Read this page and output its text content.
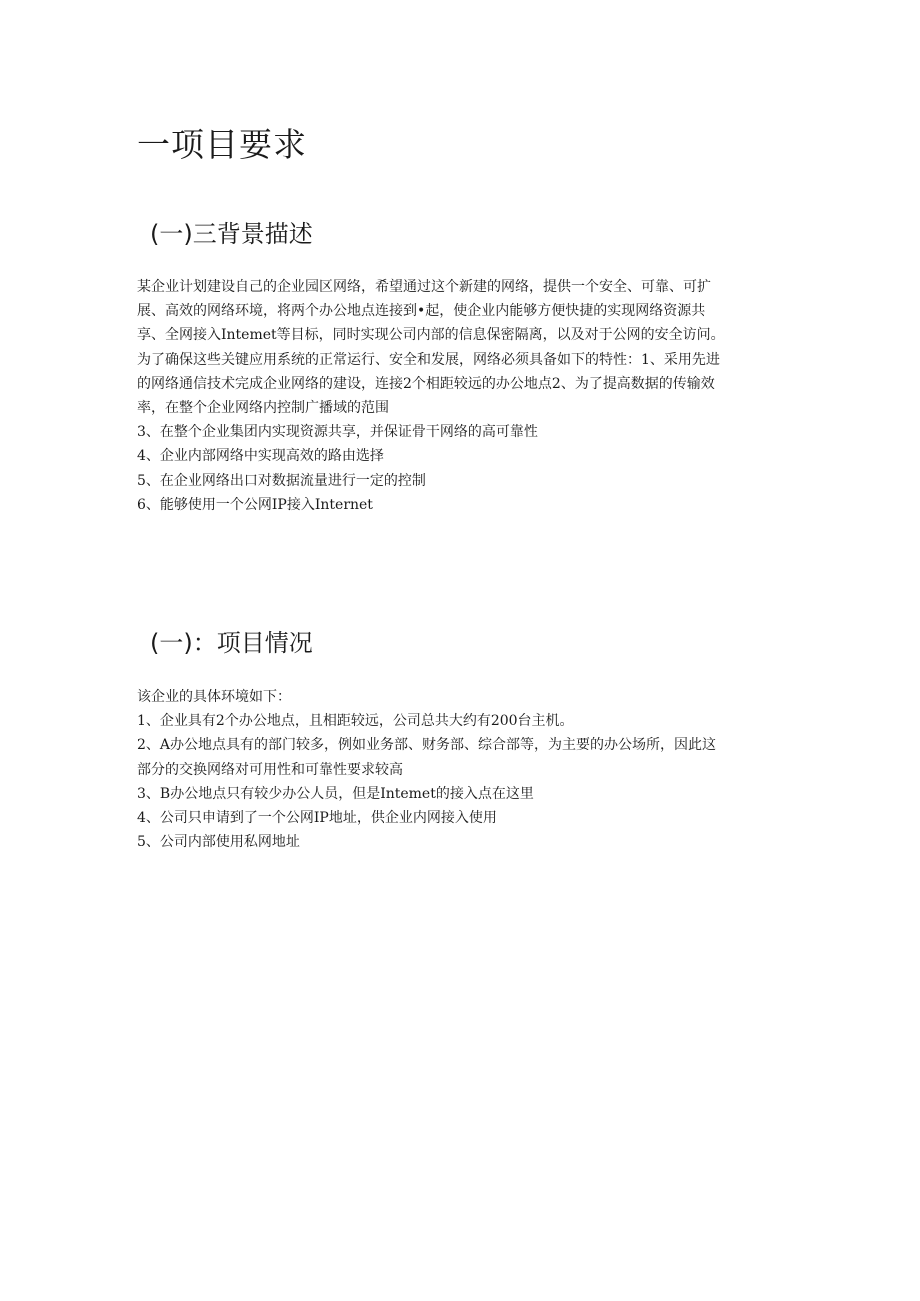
一项目要求
(一)三背景描述
某企业计划建设自己的企业园区网络，希望通过这个新建的网络，提供一个安全、可靠、可扩
展、高效的网络环境，将两个办公地点连接到•起，使企业内能够方便快捷的实现网络资源共
享、全网接入Intemet等目标，同时实现公司内部的信息保密隔离，以及对于公网的安全访问。
为了确保这些关键应用系统的正常运行、安全和发展，网络必须具备如下的特性：1、采用先进
的网络通信技术完成企业网络的建设，连接2个相距较远的办公地点2、为了提高数据的传输效
率，在整个企业网络内控制广播域的范围
3、在整个企业集团内实现资源共享，并保证骨干网络的高可靠性
4、企业内部网络中实现高效的路由选择
5、在企业网络出口对数据流量进行一定的控制
6、能够使用一个公网IP接入Internet
(一)：项目情况
该企业的具体环境如下：
1、企业具有2个办公地点，且相距较远，公司总共大约有200台主机。
2、A办公地点具有的部门较多，例如业务部、财务部、综合部等，为主要的办公场所，因此这
部分的交换网络对可用性和可靠性要求较高
3、B办公地点只有较少办公人员，但是Intemet的接入点在这里
4、公司只申请到了一个公网IP地址，供企业内网接入使用
5、公司内部使用私网地址
